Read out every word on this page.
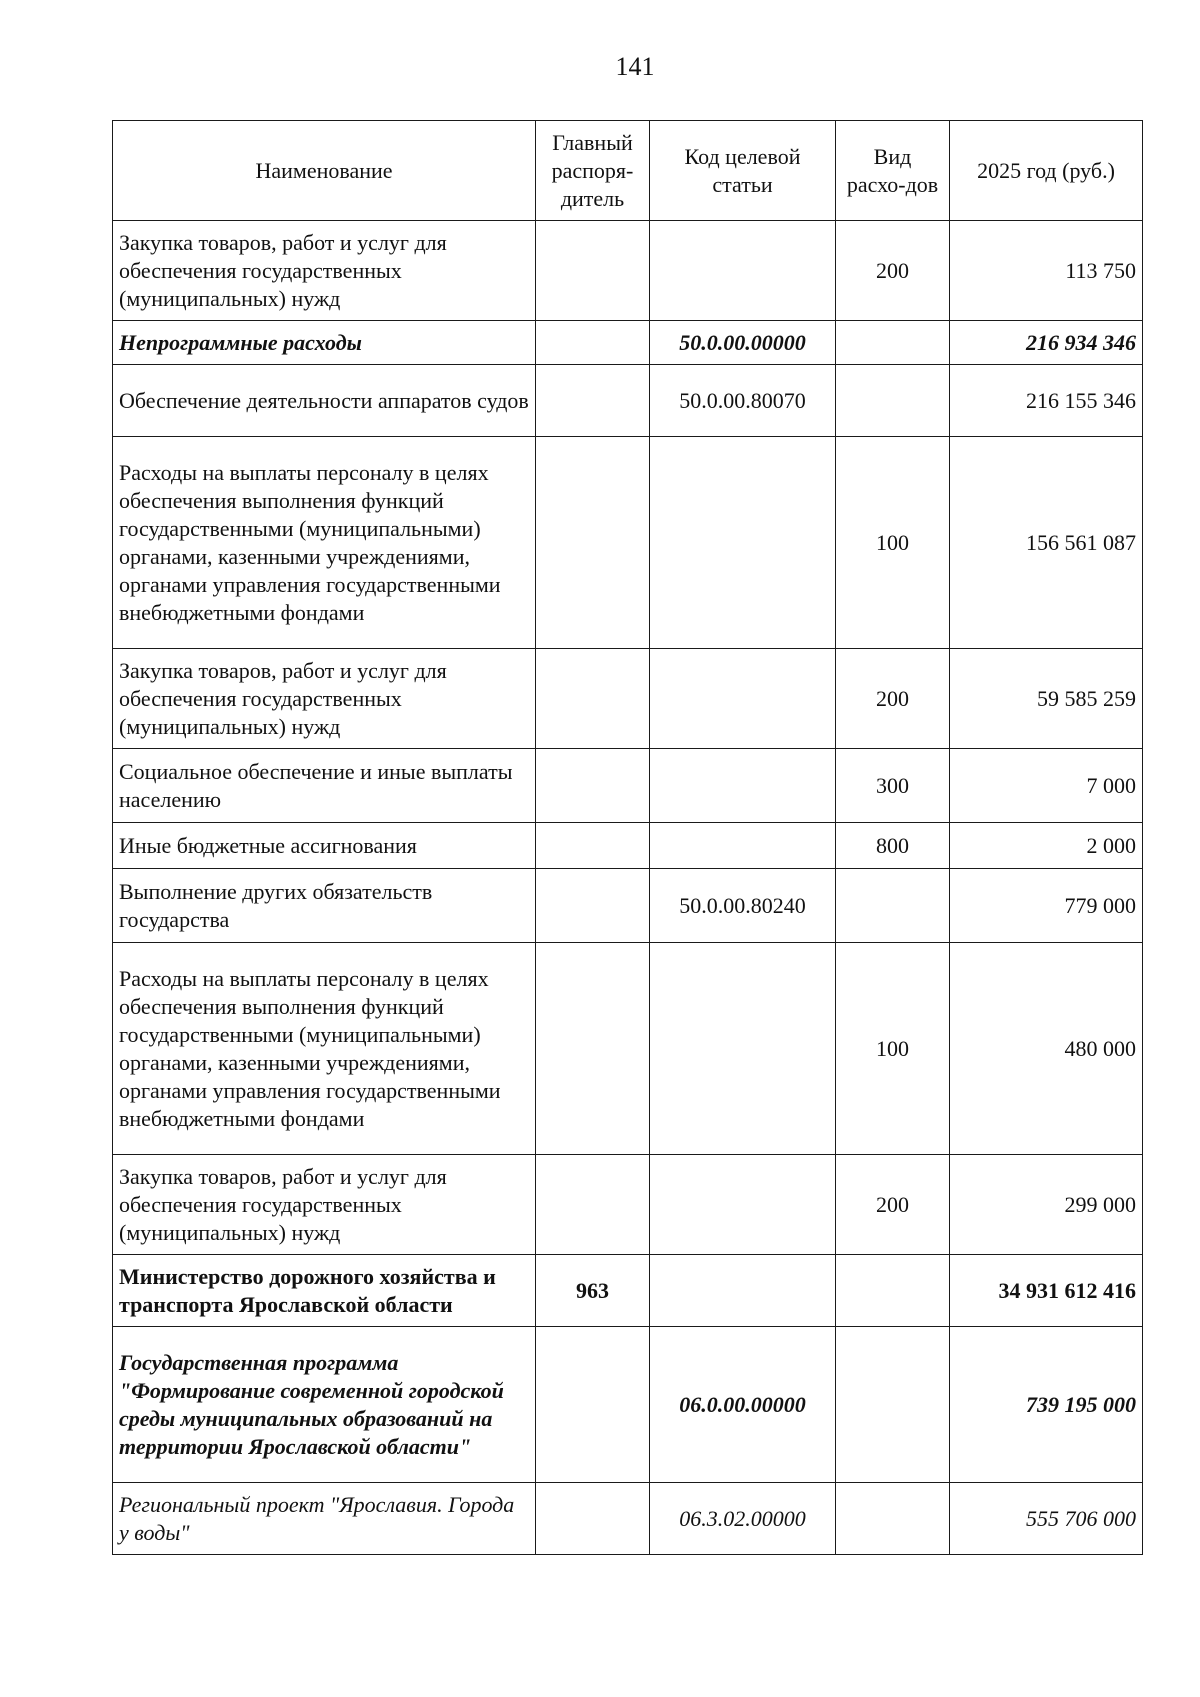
141
Наименование	Главный распоря-дитель	Код целевой статьи	Вид расхо-дов	2025 год (руб.)
Закупка товаров, работ и услуг для обеспечения государственных (муниципальных) нужд			200	113 750
Непрограммные расходы		50.0.00.00000		216 934 346
Обеспечение деятельности аппаратов судов		50.0.00.80070		216 155 346
Расходы на выплаты персоналу в целях обеспечения выполнения функций государственными (муниципальными) органами, казенными учреждениями, органами управления государственными внебюджетными фондами			100	156 561 087
Закупка товаров, работ и услуг для обеспечения государственных (муниципальных) нужд			200	59 585 259
Социальное обеспечение и иные выплаты населению			300	7 000
Иные бюджетные ассигнования			800	2 000
Выполнение других обязательств государства		50.0.00.80240		779 000
Расходы на выплаты персоналу в целях обеспечения выполнения функций государственными (муниципальными) органами, казенными учреждениями, органами управления государственными внебюджетными фондами			100	480 000
Закупка товаров, работ и услуг для обеспечения государственных (муниципальных) нужд			200	299 000
Министерство дорожного хозяйства и транспорта Ярославской области	963			34 931 612 416
Государственная программа "Формирование современной городской среды муниципальных образований на территории Ярославской области"		06.0.00.00000		739 195 000
Региональный проект "Ярославия. Города у воды"		06.3.02.00000		555 706 000
